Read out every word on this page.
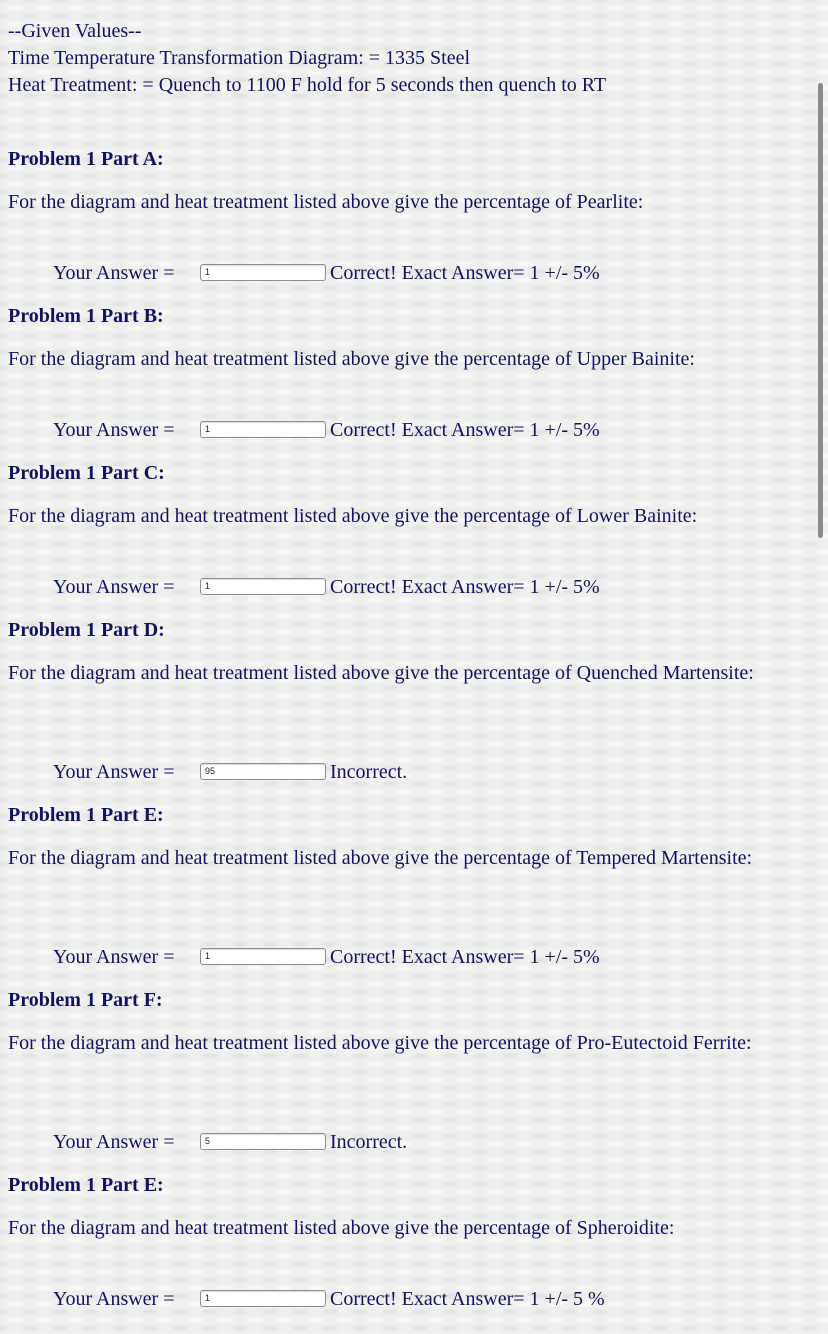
--Given Values--
Time Temperature Transformation Diagram: = 1335 Steel
Heat Treatment: = Quench to 1100 F hold for 5 seconds then quench to RT
Problem 1 Part A:
For the diagram and heat treatment listed above give the percentage of Pearlite:
Your Answer =	1	Correct! Exact Answer= 1 +/- 5%
Problem 1 Part B:
For the diagram and heat treatment listed above give the percentage of Upper Bainite:
Your Answer =	1	Correct! Exact Answer= 1 +/- 5%
Problem 1 Part C:
For the diagram and heat treatment listed above give the percentage of Lower Bainite:
Your Answer =	1	Correct! Exact Answer= 1 +/- 5%
Problem 1 Part D:
For the diagram and heat treatment listed above give the percentage of Quenched Martensite:
Your Answer =	95	Incorrect.
Problem 1 Part E:
For the diagram and heat treatment listed above give the percentage of Tempered Martensite:
Your Answer =	1	Correct! Exact Answer= 1 +/- 5%
Problem 1 Part F:
For the diagram and heat treatment listed above give the percentage of Pro-Eutectoid Ferrite:
Your Answer =	5	Incorrect.
Problem 1 Part E:
For the diagram and heat treatment listed above give the percentage of Spheroidite:
Your Answer =	1	Correct! Exact Answer= 1 +/- 5 %
